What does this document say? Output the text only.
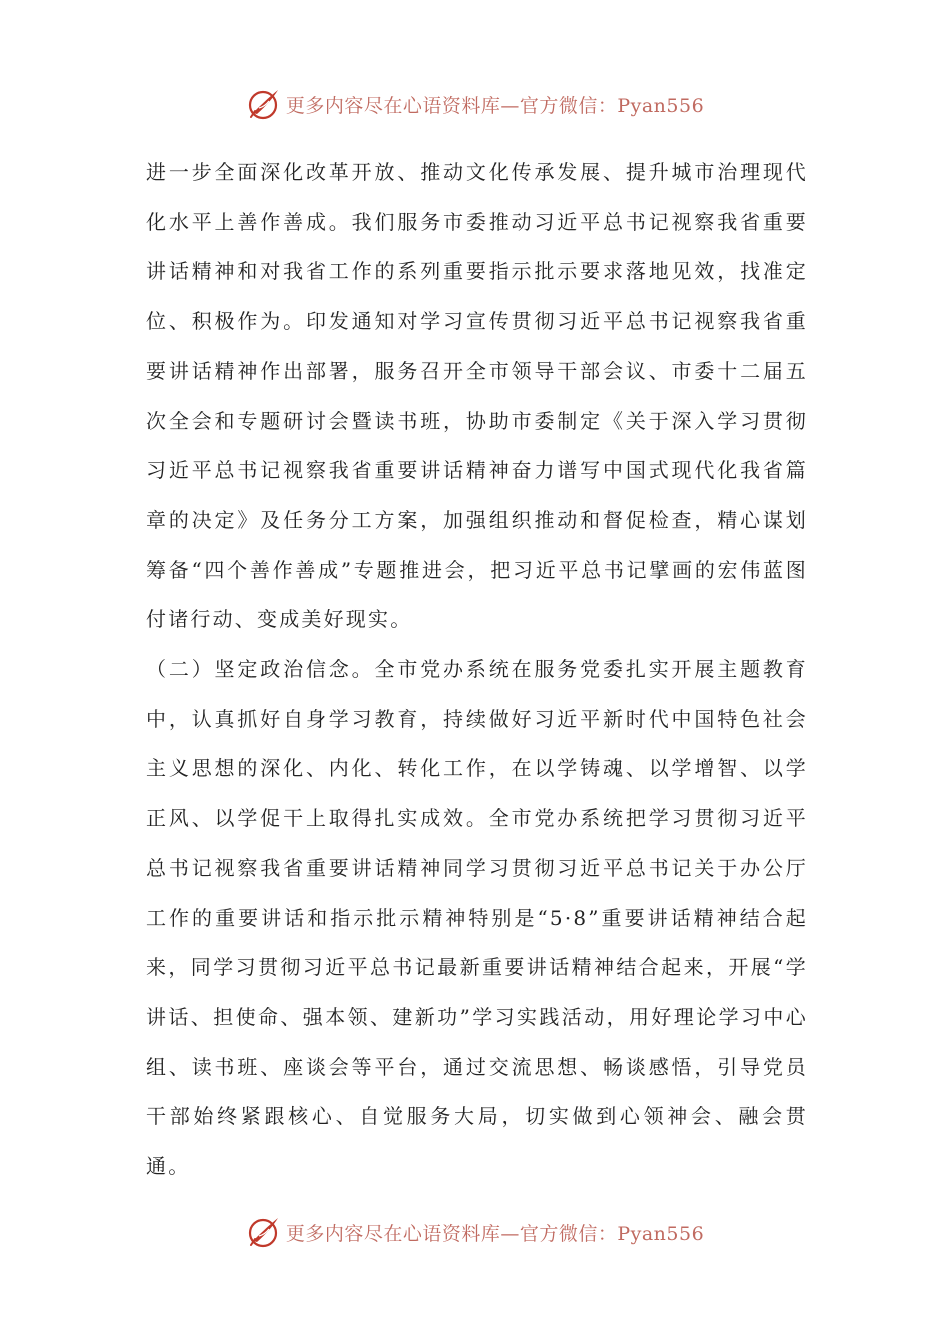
更多内容尽在心语资料库—官方微信：Pyan556

进一步全面深化改革开放、推动文化传承发展、提升城市治理现代化水平上善作善成。我们服务市委推动习近平总书记视察我省重要讲话精神和对我省工作的系列重要指示批示要求落地见效，找准定位、积极作为。印发通知对学习宣传贯彻习近平总书记视察我省重要讲话精神作出部署，服务召开全市领导干部会议、市委十二届五次全会和专题研讨会暨读书班，协助市委制定《关于深入学习贯彻习近平总书记视察我省重要讲话精神奋力谱写中国式现代化我省篇章的决定》及任务分工方案，加强组织推动和督促检查，精心谋划筹备“四个善作善成”专题推进会，把习近平总书记擘画的宏伟蓝图付诸行动、变成美好现实。

（二）坚定政治信念。全市党办系统在服务党委扎实开展主题教育中，认真抓好自身学习教育，持续做好习近平新时代中国特色社会主义思想的深化、内化、转化工作，在以学铸魂、以学增智、以学正风、以学促干上取得扎实成效。全市党办系统把学习贯彻习近平总书记视察我省重要讲话精神同学习贯彻习近平总书记关于办公厅工作的重要讲话和指示批示精神特别是“5·8”重要讲话精神结合起来，同学习贯彻习近平总书记最新重要讲话精神结合起来，开展“学讲话、担使命、强本领、建新功”学习实践活动，用好理论学习中心组、读书班、座谈会等平台，通过交流思想、畅谈感悟，引导党员干部始终紧跟核心、自觉服务大局，切实做到心领神会、融会贯通。

更多内容尽在心语资料库—官方微信：Pyan556
